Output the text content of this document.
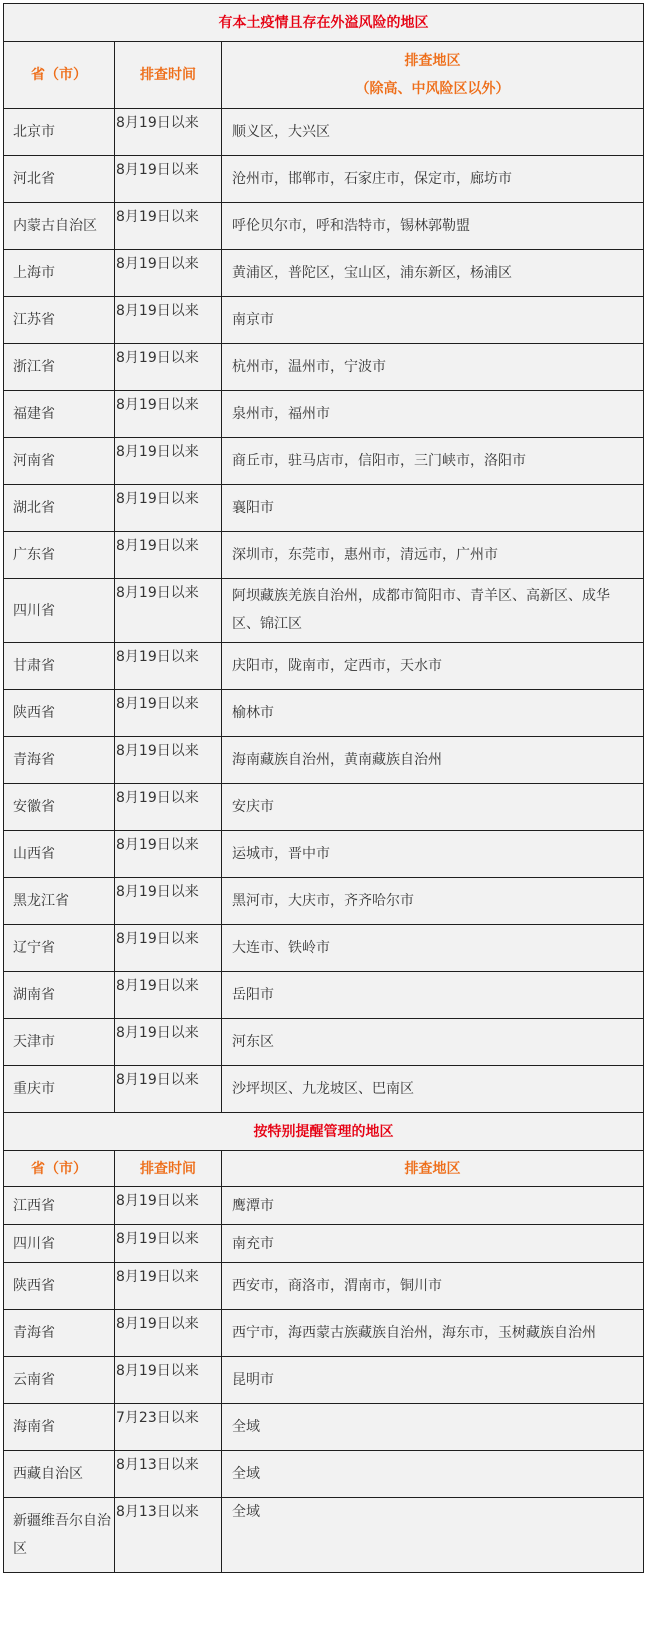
有本土疫情且存在外溢风险的地区		
省（市）	排查时间	排查地区
（除高、中风险区以外）

北京市	8月19日以来	顺义区，大兴区
河北省	8月19日以来	沧州市，邯郸市，石家庄市，保定市，廊坊市
内蒙古自治区	8月19日以来	呼伦贝尔市，呼和浩特市，锡林郭勒盟
上海市	8月19日以来	黄浦区，普陀区，宝山区，浦东新区，杨浦区
江苏省	8月19日以来	南京市
浙江省	8月19日以来	杭州市，温州市，宁波市
福建省	8月19日以来	泉州市，福州市
河南省	8月19日以来	商丘市，驻马店市，信阳市，三门峡市，洛阳市
湖北省	8月19日以来	襄阳市
广东省	8月19日以来	深圳市，东莞市，惠州市，清远市，广州市
四川省	8月19日以来	阿坝藏族羌族自治州，成都市简阳市、青羊区、高新区、成华区、锦江区

甘肃省	8月19日以来	庆阳市，陇南市，定西市，天水市
陕西省	8月19日以来	榆林市
青海省	8月19日以来	海南藏族自治州，黄南藏族自治州
安徽省	8月19日以来	安庆市
山西省	8月19日以来	运城市，晋中市
黑龙江省	8月19日以来	黑河市，大庆市，齐齐哈尔市
辽宁省	8月19日以来	大连市、铁岭市
湖南省	8月19日以来	岳阳市
天津市	8月19日以来	河东区
重庆市	8月19日以来	沙坪坝区、九龙坡区、巴南区
按特别提醒管理的地区		
省（市）	排查时间	排查地区
江西省	8月19日以来	鹰潭市
四川省	8月19日以来	南充市
陕西省	8月19日以来	西安市，商洛市，渭南市，铜川市
青海省	8月19日以来	西宁市，海西蒙古族藏族自治州，海东市，玉树藏族自治州
云南省	8月19日以来	昆明市
海南省	7月23日以来	全域
西藏自治区	8月13日以来	全域

新疆维吾尔自治区	8月13日以来	全域
